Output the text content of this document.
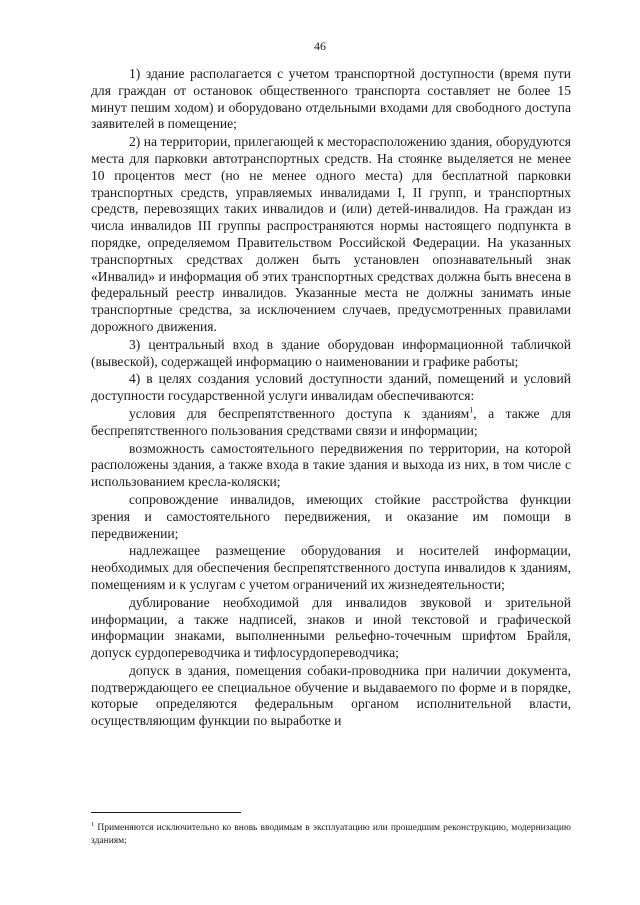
46

1) здание располагается с учетом транспортной доступности (время пути для граждан от остановок общественного транспорта составляет не более 15 минут пешим ходом) и оборудовано отдельными входами для свободного доступа заявителей в помещение;

2) на территории, прилегающей к месторасположению здания, оборудуются места для парковки автотранспортных средств. На стоянке выделяется не менее 10 процентов мест (но не менее одного места) для бесплатной парковки транспортных средств, управляемых инвалидами I, II групп, и транспортных средств, перевозящих таких инвалидов и (или) детей-инвалидов. На граждан из числа инвалидов III группы распространяются нормы настоящего подпункта в порядке, определяемом Правительством Российской Федерации. На указанных транспортных средствах должен быть установлен опознавательный знак «Инвалид» и информация об этих транспортных средствах должна быть внесена в федеральный реестр инвалидов. Указанные места не должны занимать иные транспортные средства, за исключением случаев, предусмотренных правилами дорожного движения.

3) центральный вход в здание оборудован информационной табличкой (вывеской), содержащей информацию о наименовании и графике работы;

4) в целях создания условий доступности зданий, помещений и условий доступности государственной услуги инвалидам обеспечиваются:

условия для беспрепятственного доступа к зданиям$^1$, а также для беспрепятственного пользования средствами связи и информации;

возможность самостоятельного передвижения по территории, на которой расположены здания, а также входа в такие здания и выхода из них, в том числе с использованием кресла-коляски;

сопровождение инвалидов, имеющих стойкие расстройства функции зрения и самостоятельного передвижения, и оказание им помощи в передвижении;

надлежащее размещение оборудования и носителей информации, необходимых для обеспечения беспрепятственного доступа инвалидов к зданиям, помещениям и к услугам с учетом ограничений их жизнедеятельности;

дублирование необходимой для инвалидов звуковой и зрительной информации, а также надписей, знаков и иной текстовой и графической информации знаками, выполненными рельефно-точечным шрифтом Брайля, допуск сурдопереводчика и тифлосурдопереводчика;

допуск в здания, помещения собаки-проводника при наличии документа, подтверждающего ее специальное обучение и выдаваемого по форме и в порядке, которые определяются федеральным органом исполнительной власти, осуществляющим функции по выработке и

$^1$ Применяются исключительно ко вновь вводимым в эксплуатацию или прошедшим реконструкцию, модернизацию зданиям;
